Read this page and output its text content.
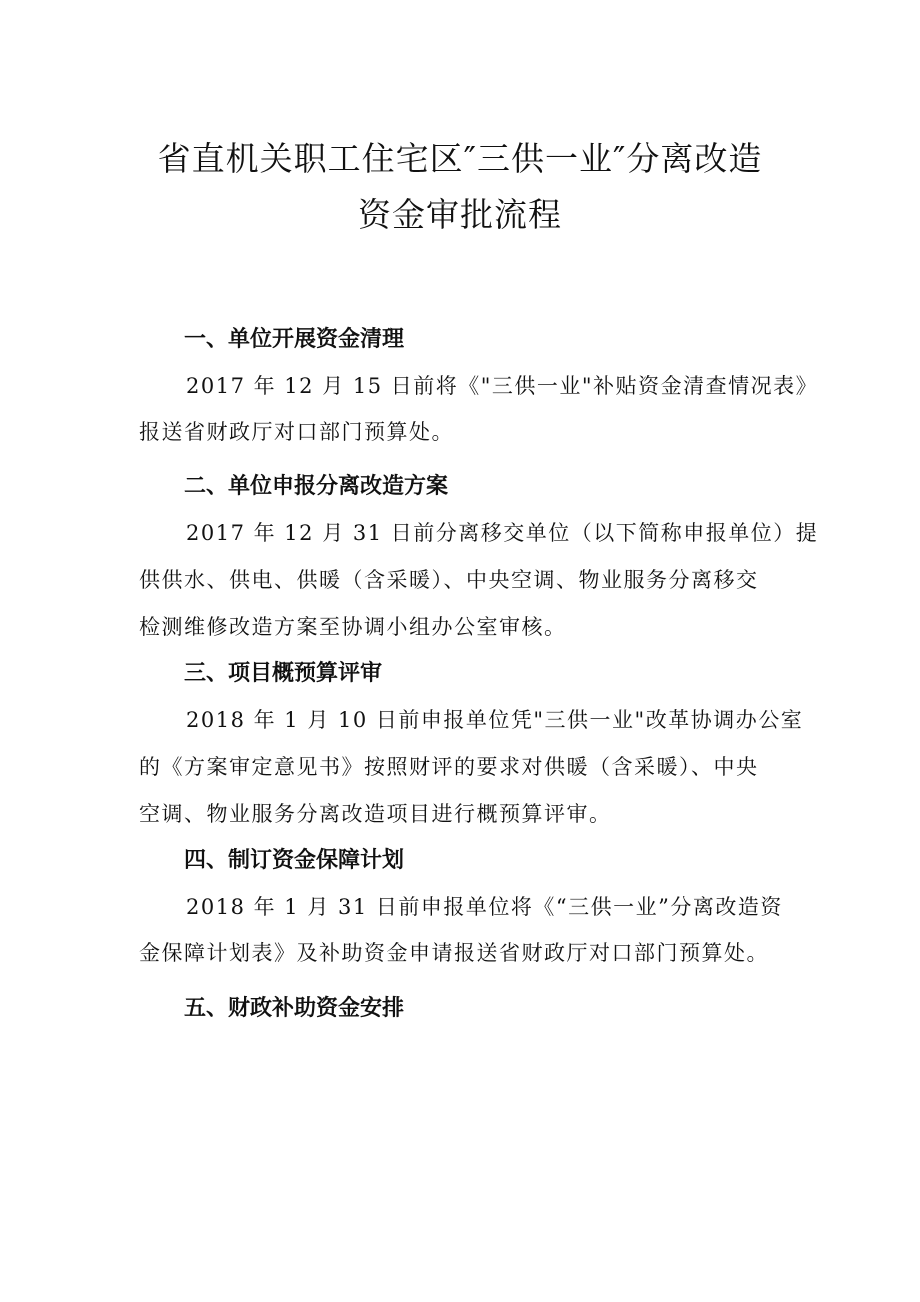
省直机关职工住宅区″三供一业″分离改造
资金审批流程
一、单位开展资金清理

2017 年 12 月 15 日前将《"三供一业"补贴资金清查情况表》

报送省财政厅对口部门预算处。

二、单位申报分离改造方案

2017 年 12 月 31 日前分离移交单位（以下简称申报单位）提

供供水、供电、供暖（含采暖）、中央空调、物业服务分离移交

检测维修改造方案至协调小组办公室审核。

三、项目概预算评审

2018 年 1 月 10 日前申报单位凭"三供一业"改革协调办公室

的《方案审定意见书》按照财评的要求对供暖（含采暖）、中央

空调、物业服务分离改造项目进行概预算评审。

四、制订资金保障计划

2018 年 1 月 31 日前申报单位将《“三供一业”分离改造资

金保障计划表》及补助资金申请报送省财政厅对口部门预算处。

五、财政补助资金安排
